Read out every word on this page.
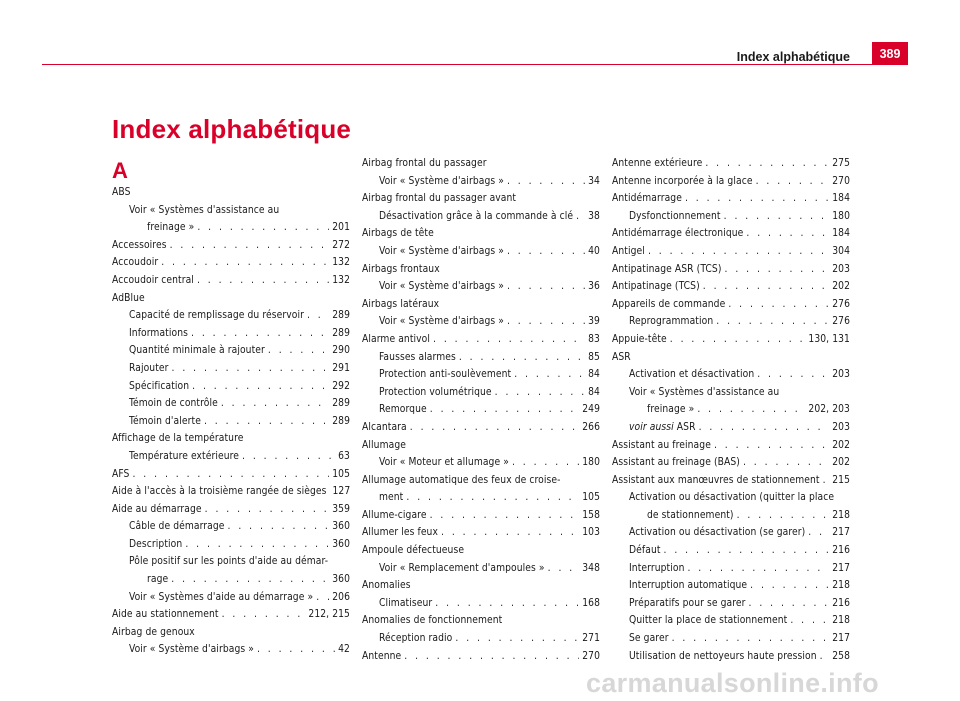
Index alphabétique	389
Index alphabétique
A
ABS
Voir « Systèmes d'assistance au
freinage » . . .	201
Accessoires . . .	272
Accoudoir . . .	132
Accoudoir central . . .	132
AdBlue
Capacité de remplissage du réservoir . . .	289
Informations . . .	289
Quantité minimale à rajouter . . .	290
Rajouter . . .	291
Spécification . . .	292
Témoin de contrôle . . .	289
Témoin d'alerte . . .	289
Affichage de la température
Température extérieure . . .	63
AFS . . .	105
Aide à l'accès à la troisième rangée de sièges 127
Aide au démarrage . . .	359
Câble de démarrage . . .	360
Description . . .	360
Pôle positif sur les points d'aide au démar-
rage . . .	360
Voir « Systèmes d'aide au démarrage » . . . 206
Aide au stationnement . . .	212, 215
Airbag de genoux
Voir « Système d'airbags » . . .	42
Airbag frontal du passager
Voir « Système d'airbags » . . .	34
Airbag frontal du passager avant
Désactivation grâce à la commande à clé . . . 38
Airbags de tête
Voir « Système d'airbags » . . .	40
Airbags frontaux
Voir « Système d'airbags » . . .	36
Airbags latéraux
Voir « Système d'airbags » . . .	39
Alarme antivol . . .	83
Fausses alarmes . . .	85
Protection anti-soulèvement . . .	84
Protection volumétrique . . .	84
Remorque . . .	249
Alcantara . . .	266
Allumage
Voir « Moteur et allumage » . . .	180
Allumage automatique des feux de croise-
ment . . .	105
Allume-cigare . . .	158
Allumer les feux . . .	103
Ampoule défectueuse
Voir « Remplacement d'ampoules » . . .	348
Anomalies
Climatiseur . . .	168
Anomalies de fonctionnement
Réception radio . . .	271
Antenne . . .	270
Antenne extérieure . . .	275
Antenne incorporée à la glace . . .	270
Antidémarrage . . .	184
Dysfonctionnement . . .	180
Antidémarrage électronique . . .	184
Antigel . . .	304
Antipatinage ASR (TCS) . . .	203
Antipatinage (TCS) . . .	202
Appareils de commande . . .	276
Reprogrammation . . .	276
Appuie-tête . . .	130, 131
ASR
Activation et désactivation . . .	203
Voir « Systèmes d'assistance au
freinage » . . .	202, 203
voir aussi ASR . . .	203
Assistant au freinage . . .	202
Assistant au freinage (BAS) . . .	202
Assistant aux manœuvres de stationnement . . . 215
Activation ou désactivation (quitter la place
de stationnement) . . .	218
Activation ou désactivation (se garer) . . .	217
Défaut . . .	216
Interruption . . .	217
Interruption automatique . . .	218
Préparatifs pour se garer . . .	216
Quitter la place de stationnement . . .	218
Se garer . . .	217
Utilisation de nettoyeurs haute pression . . . 258
carmanualsonline.info
